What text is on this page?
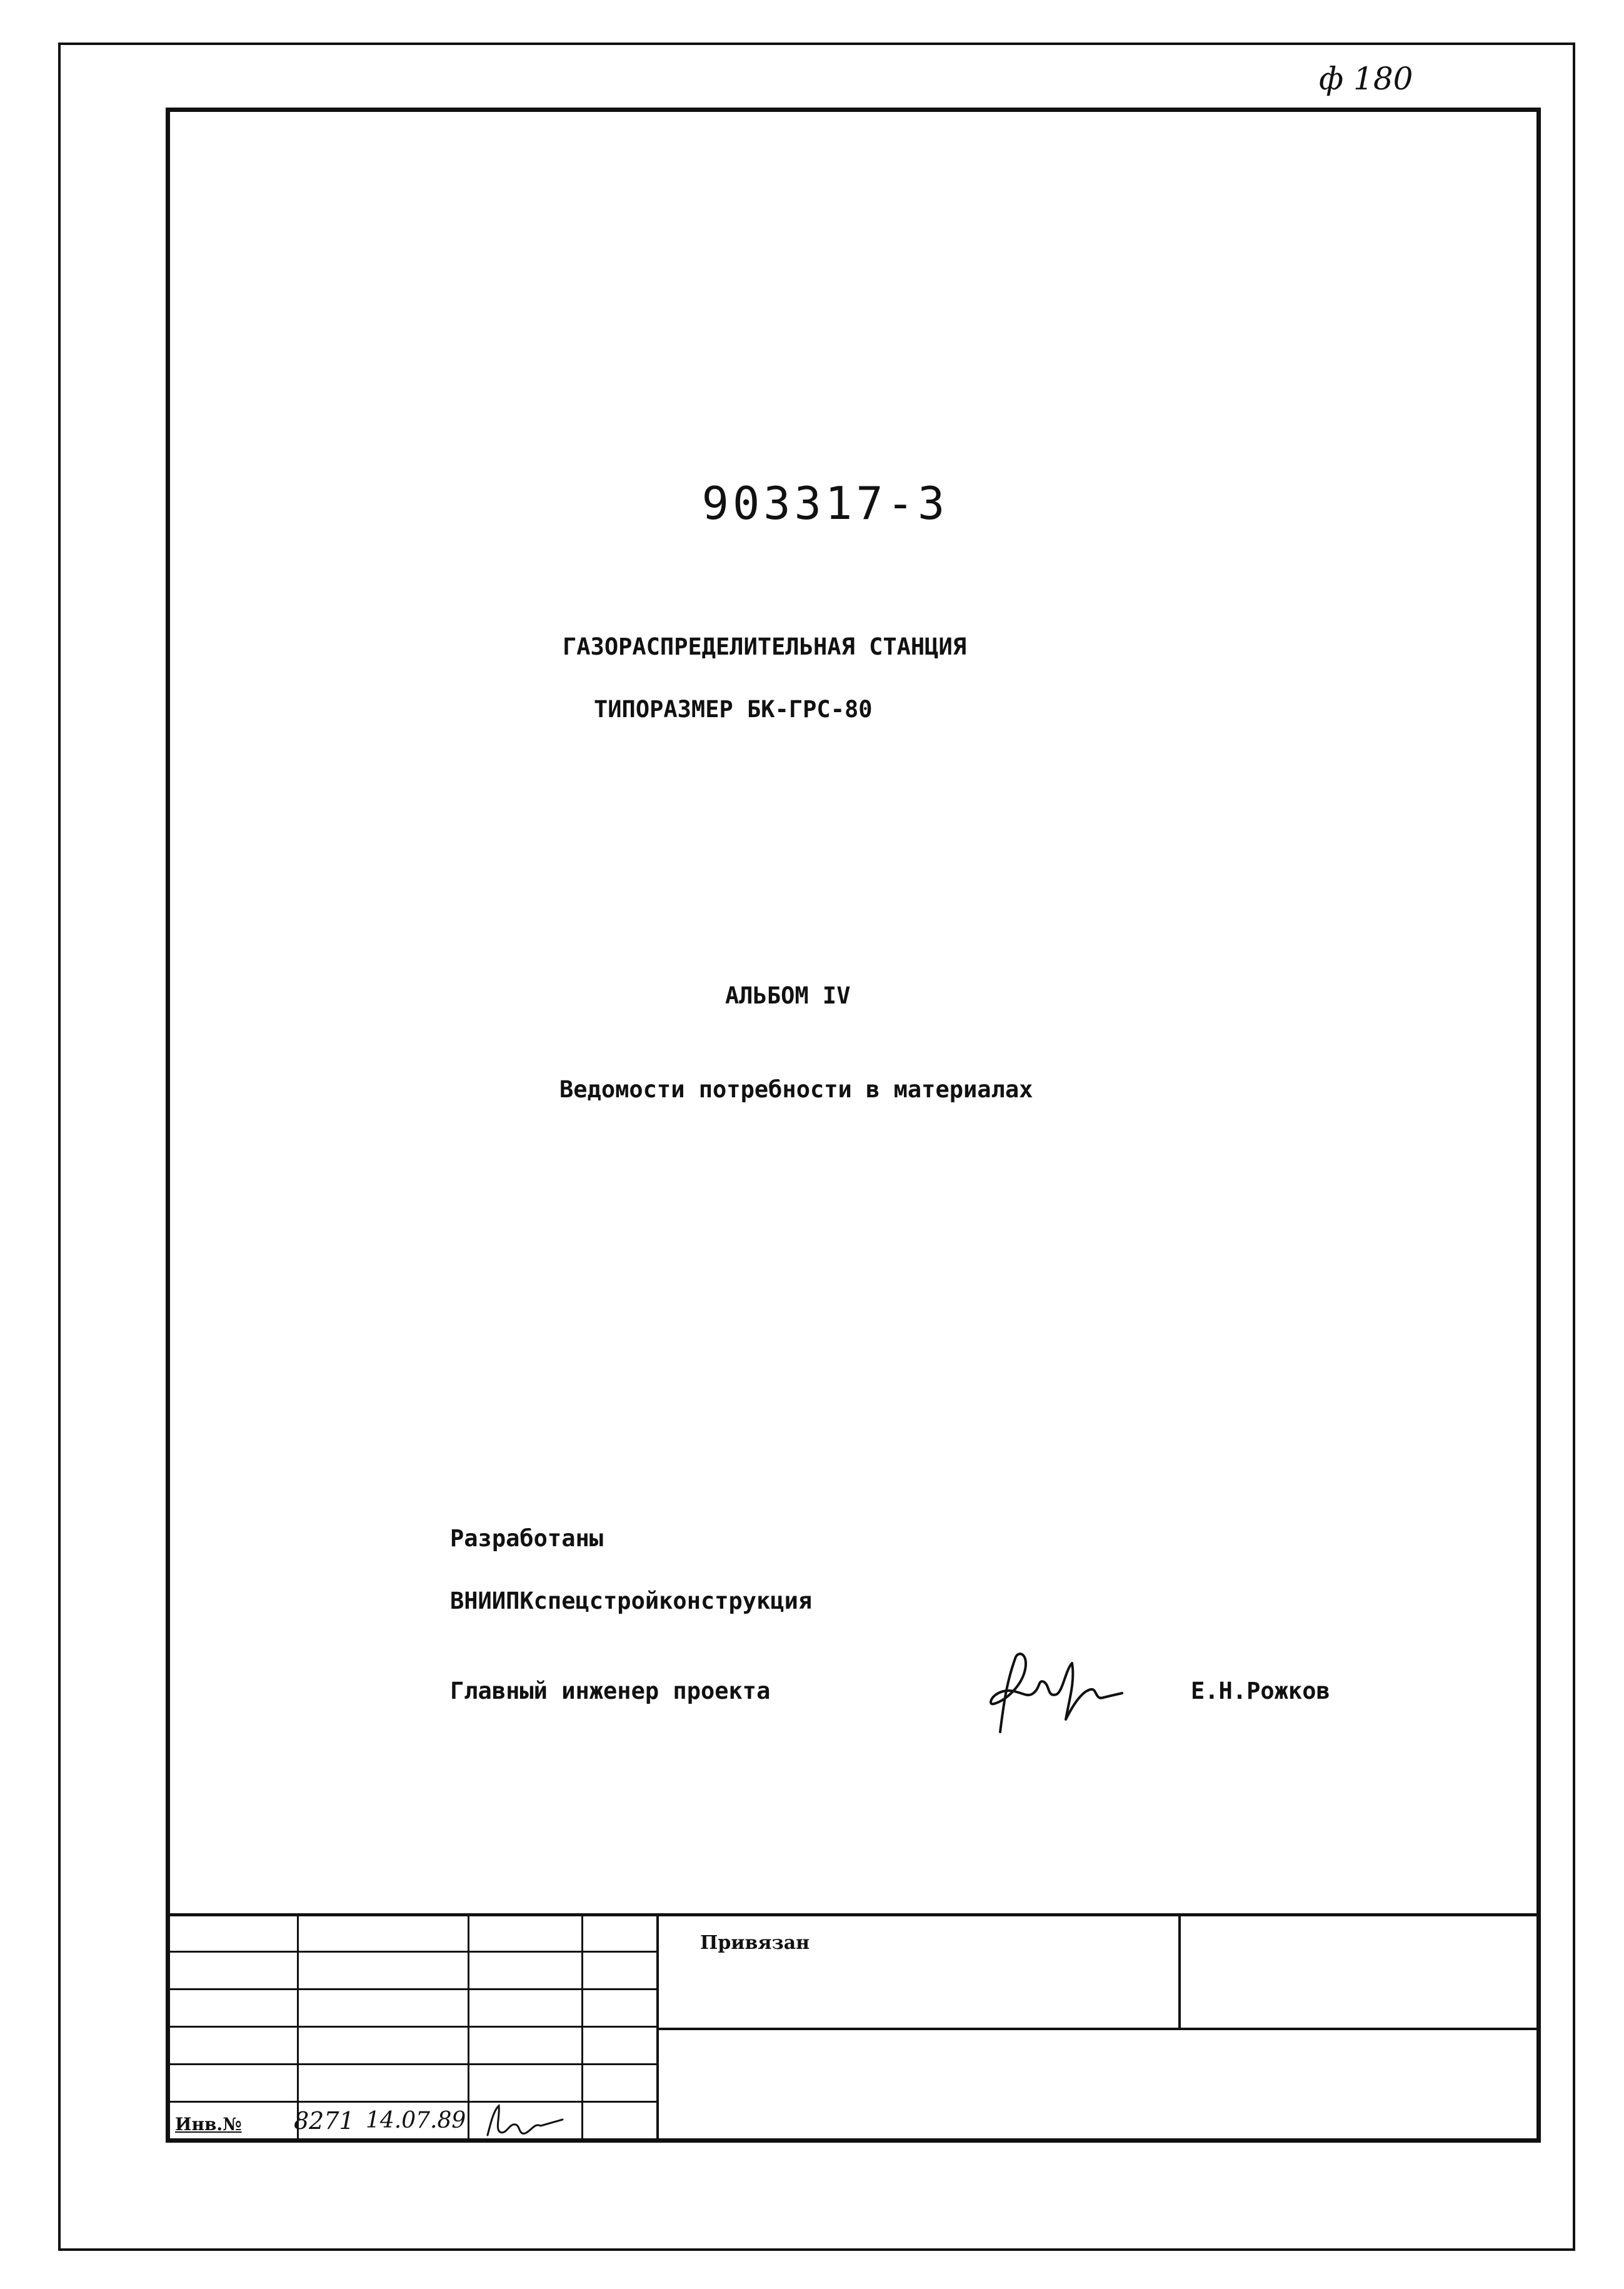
ф 180
903317-3
ГАЗОРАСПРЕДЕЛИТЕЛЬНАЯ СТАНЦИЯ
ТИПОРАЗМЕР БК-ГРС-80
АЛЬБОМ IV
Ведомости потребности в материалах
Разработаны
ВНИИПКспецстройконструкция
Главный инженер проекта	Е.Н.Рожков
Привязан
Инв.№ 8271 14.07.89
